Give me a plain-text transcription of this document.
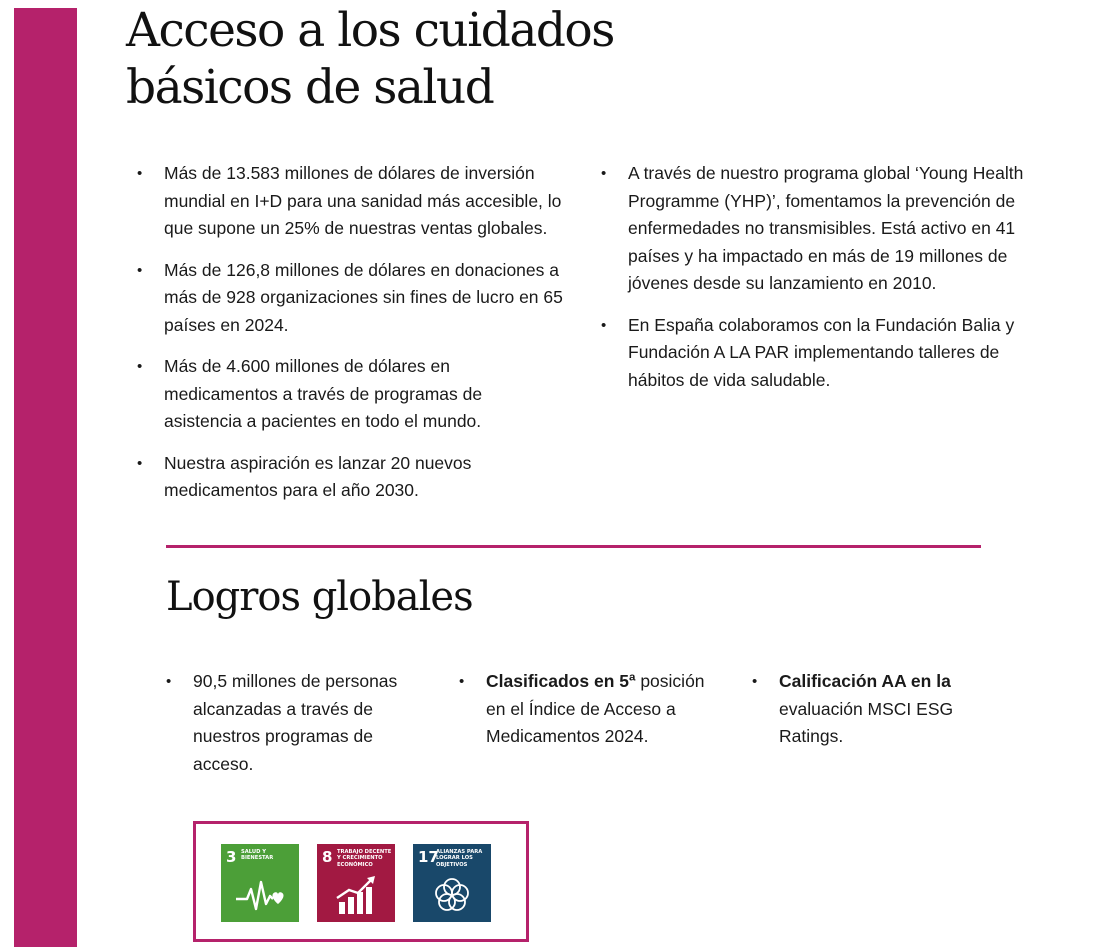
Acceso a los cuidados
básicos de salud
• Más de 13.583 millones de dólares de inversión mundial en I+D para una sanidad más accesible, lo que supone un 25% de nuestras ventas globales.
• Más de 126,8 millones de dólares en donaciones a más de 928 organizaciones sin fines de lucro en 65 países en 2024.
• Más de 4.600 millones de dólares en medicamentos a través de programas de asistencia a pacientes en todo el mundo.
• Nuestra aspiración es lanzar 20 nuevos medicamentos para el año 2030.
• A través de nuestro programa global ‘Young Health Programme (YHP)’, fomentamos la prevención de enfermedades no transmisibles. Está activo en 41 países y ha impactado en más de 19 millones de jóvenes desde su lanzamiento en 2010.
• En España colaboramos con la Fundación Balia y Fundación A LA PAR implementando talleres de hábitos de vida saludable.
Logros globales
• 90,5 millones de personas alcanzadas a través de nuestros programas de acceso.
• Clasificados en 5ª posición en el Índice de Acceso a Medicamentos 2024.
• Calificación AA en la evaluación MSCI ESG Ratings.
3 SALUD Y BIENESTAR	8 TRABAJO DECENTE Y CRECIMIENTO ECONÓMICO	17
ALIANZAS PARA LOGRAR LOS OBJETIVOS
